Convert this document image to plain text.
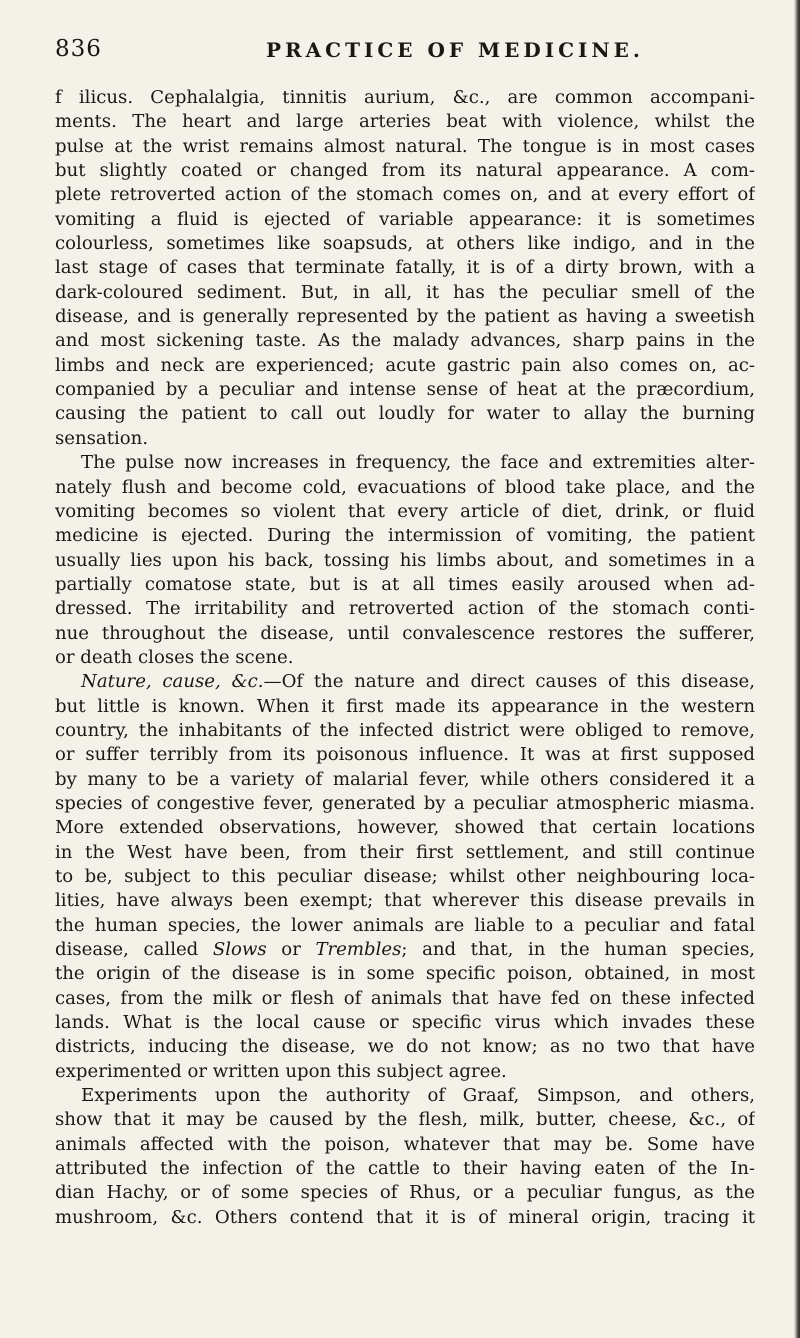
836	PRACTICE OF MEDICINE.
f ilicus. Cephalalgia, tinnitis aurium, &c., are common accompani-
ments. The heart and large arteries beat with violence, whilst the
pulse at the wrist remains almost natural. The tongue is in most cases
but slightly coated or changed from its natural appearance. A com-
plete retroverted action of the stomach comes on, and at every effort of
vomiting a fluid is ejected of variable appearance: it is sometimes
colourless, sometimes like soapsuds, at others like indigo, and in the
last stage of cases that terminate fatally, it is of a dirty brown, with a
dark-coloured sediment. But, in all, it has the peculiar smell of the
disease, and is generally represented by the patient as having a sweetish
and most sickening taste. As the malady advances, sharp pains in the
limbs and neck are experienced; acute gastric pain also comes on, ac-
companied by a peculiar and intense sense of heat at the præcordium,
causing the patient to call out loudly for water to allay the burning
sensation.
The pulse now increases in frequency, the face and extremities alter-
nately flush and become cold, evacuations of blood take place, and the
vomiting becomes so violent that every article of diet, drink, or fluid
medicine is ejected. During the intermission of vomiting, the patient
usually lies upon his back, tossing his limbs about, and sometimes in a
partially comatose state, but is at all times easily aroused when ad-
dressed. The irritability and retroverted action of the stomach conti-
nue throughout the disease, until convalescence restores the sufferer,
or death closes the scene.
Nature, cause, &c.—Of the nature and direct causes of this disease,
but little is known. When it first made its appearance in the western
country, the inhabitants of the infected district were obliged to remove,
or suffer terribly from its poisonous influence. It was at first supposed
by many to be a variety of malarial fever, while others considered it a
species of congestive fever, generated by a peculiar atmospheric miasma.
More extended observations, however, showed that certain locations
in the West have been, from their first settlement, and still continue
to be, subject to this peculiar disease; whilst other neighbouring loca-
lities, have always been exempt; that wherever this disease prevails in
the human species, the lower animals are liable to a peculiar and fatal
disease, called Slows or Trembles; and that, in the human species,
the origin of the disease is in some specific poison, obtained, in most
cases, from the milk or flesh of animals that have fed on these infected
lands. What is the local cause or specific virus which invades these
districts, inducing the disease, we do not know; as no two that have
experimented or written upon this subject agree.
Experiments upon the authority of Graaf, Simpson, and others,
show that it may be caused by the flesh, milk, butter, cheese, &c., of
animals affected with the poison, whatever that may be. Some have
attributed the infection of the cattle to their having eaten of the In-
dian Hachy, or of some species of Rhus, or a peculiar fungus, as the
mushroom, &c. Others contend that it is of mineral origin, tracing it
